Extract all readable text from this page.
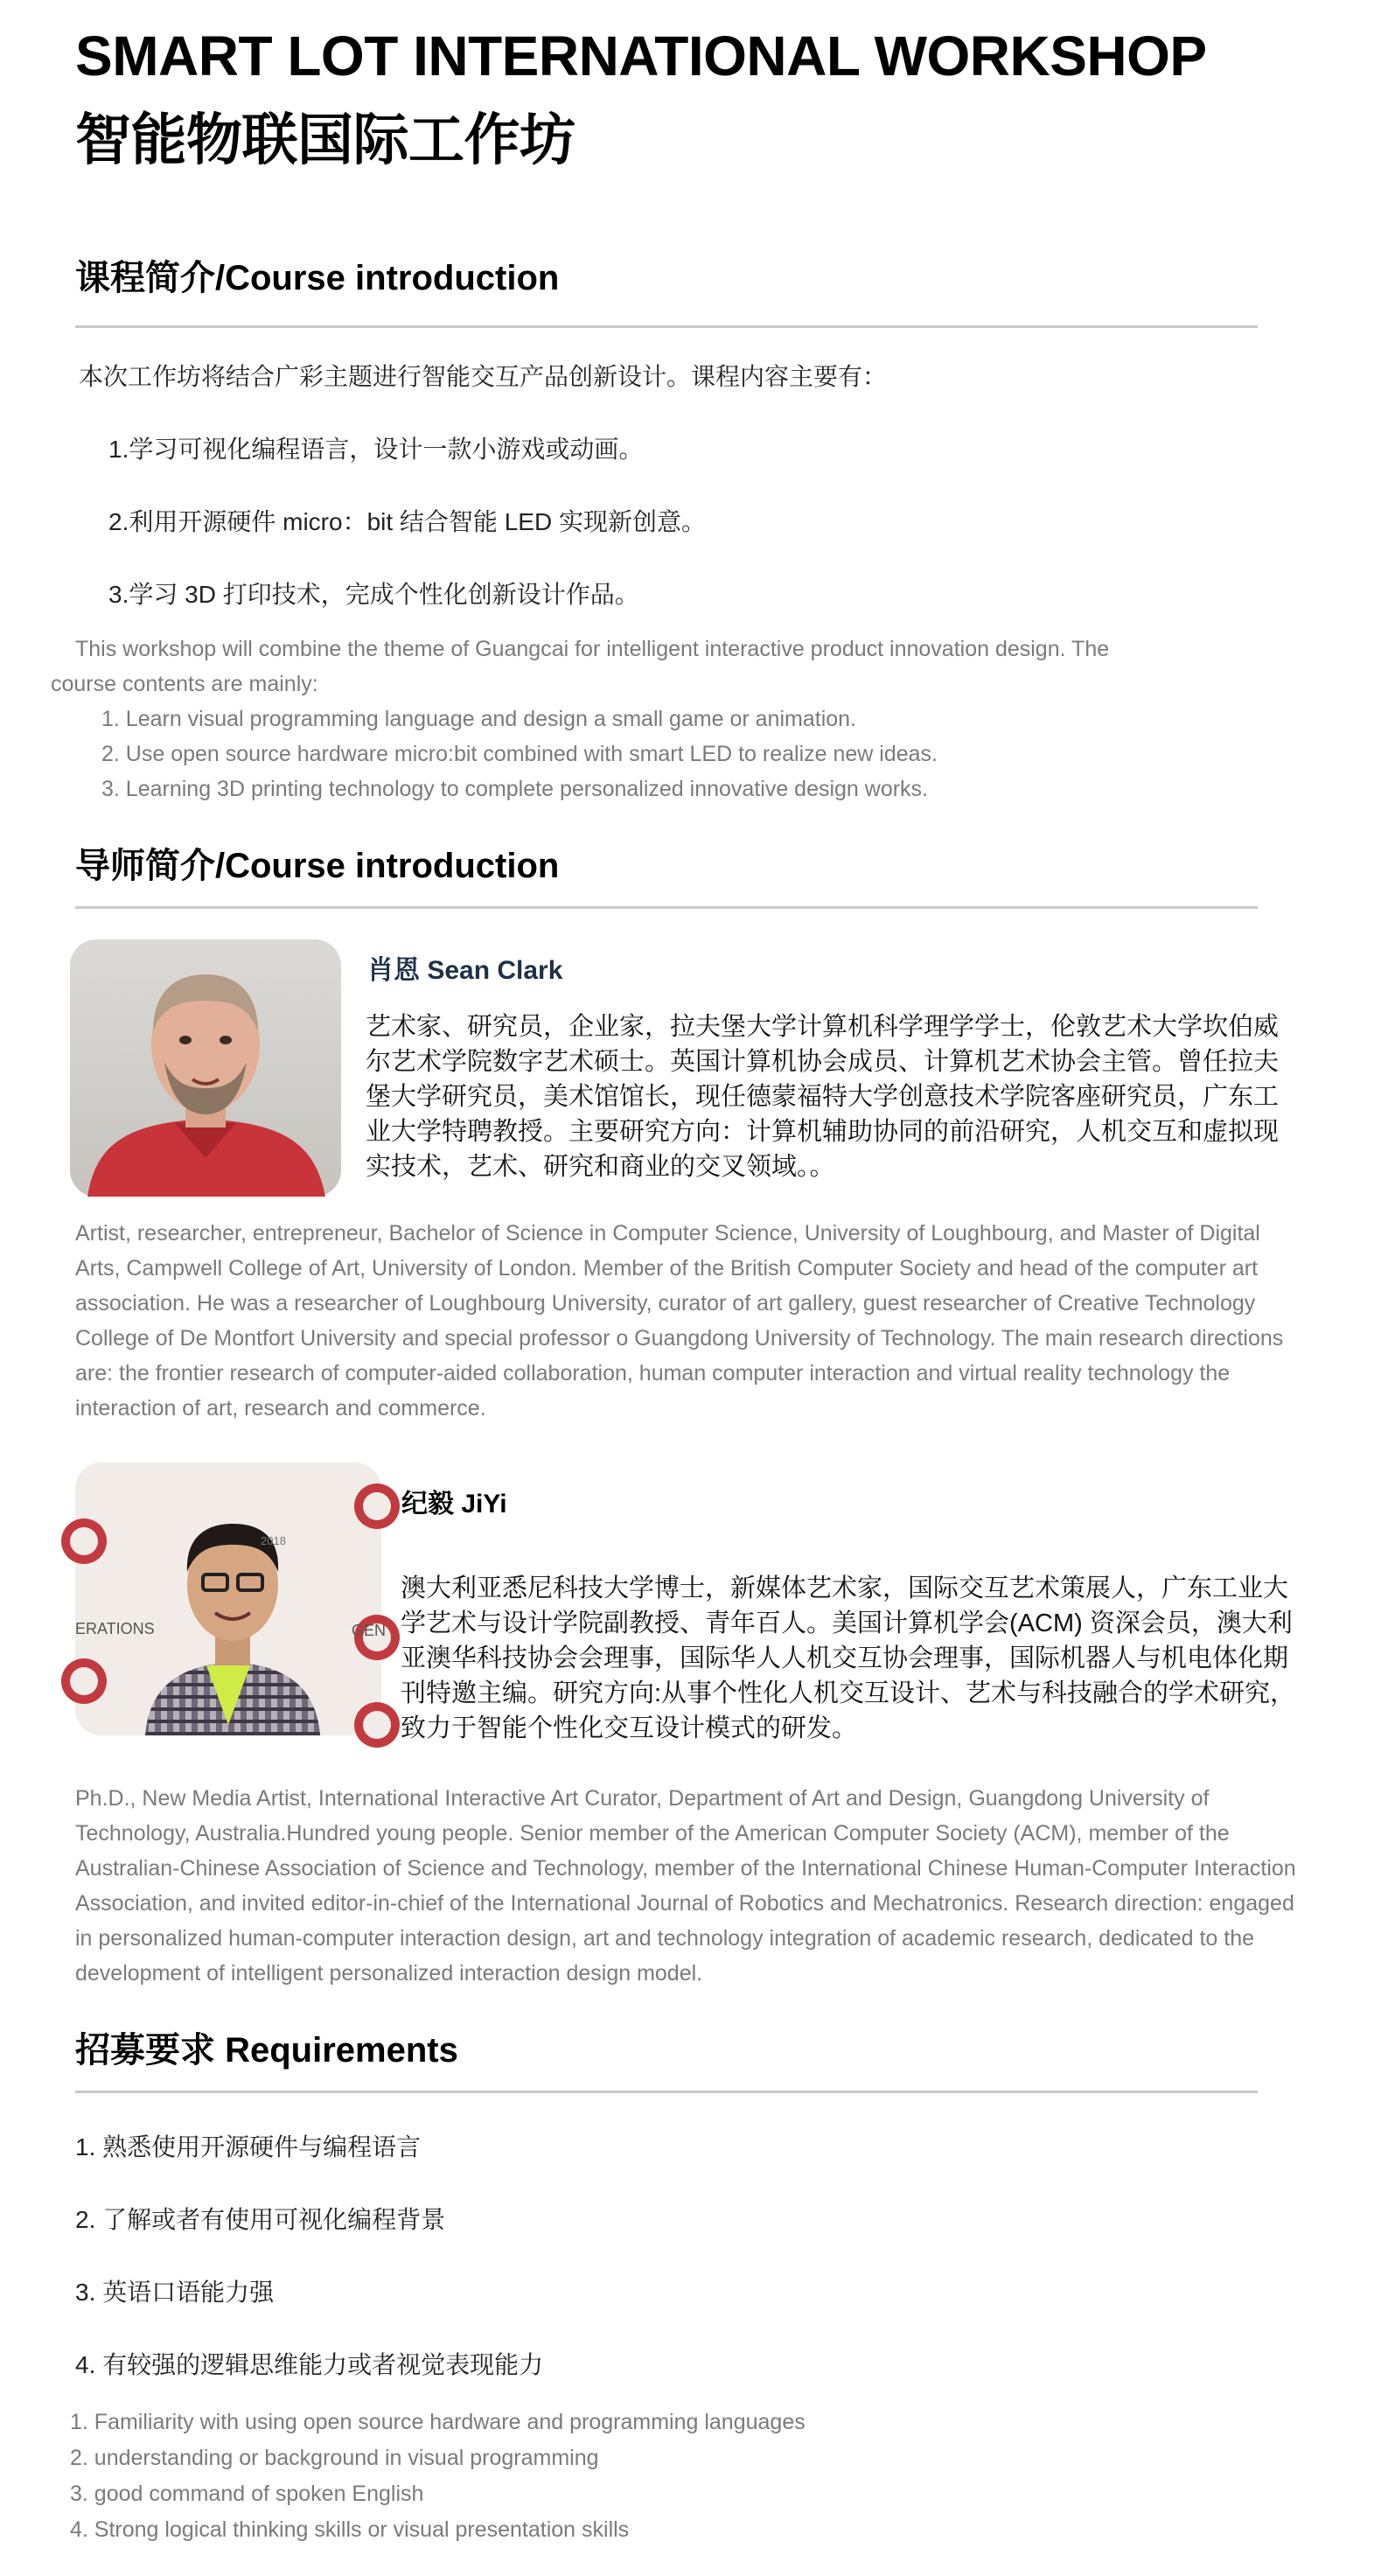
SMART LOT INTERNATIONAL WORKSHOP
智能物联国际工作坊
课程简介/Course introduction
本次工作坊将结合广彩主题进行智能交互产品创新设计。课程内容主要有：
1.学习可视化编程语言，设计一款小游戏或动画。
2.利用开源硬件 micro：bit 结合智能 LED 实现新创意。
3.学习 3D 打印技术，完成个性化创新设计作品。
This workshop will combine the theme of Guangcai for intelligent interactive product innovation design. The
course contents are mainly:
1. Learn visual programming language and design a small game or animation.
2. Use open source hardware micro:bit combined with smart LED to realize new ideas.
3. Learning 3D printing technology to complete personalized innovative design works.
导师简介/Course introduction
肖恩 Sean Clark
艺术家、研究员，企业家，拉夫堡大学计算机科学理学学士，伦敦艺术大学坎伯威尔艺术学院数字艺术硕士。英国计算机协会成员、计算机艺术协会主管。曾任拉夫堡大学研究员，美术馆馆长，现任德蒙福特大学创意技术学院客座研究员，广东工业大学特聘教授。主要研究方向：计算机辅助协同的前沿研究，人机交互和虚拟现实技术，艺术、研究和商业的交叉领域。。
Artist, researcher, entrepreneur, Bachelor of Science in Computer Science, University of Loughbourg, and Master of Digital Arts, Campwell College of Art, University of London. Member of the British Computer Society and head of the computer art association. He was a researcher of Loughbourg University, curator of art gallery, guest researcher of Creative Technology College of De Montfort University and special professor o Guangdong University of Technology. The main research directions are: the frontier research of computer-aided collaboration, human computer interaction and virtual reality technology the interaction of art, research and commerce.
ERATIONS	GEN
2018
纪毅 JiYi
澳大利亚悉尼科技大学博士，新媒体艺术家，国际交互艺术策展人，广东工业大学艺术与设计学院副教授、青年百人。美国计算机学会(ACM) 资深会员，澳大利亚澳华科技协会会理事，国际华人人机交互协会理事，国际机器人与机电体化期刊特邀主编。研究方向:从事个性化人机交互设计、艺术与科技融合的学术研究，致力于智能个性化交互设计模式的研发。
Ph.D., New Media Artist, International Interactive Art Curator, Department of Art and Design, Guangdong University of Technology, Australia.Hundred young people. Senior member of the American Computer Society (ACM), member of the Australian-Chinese Association of Science and Technology, member of the International Chinese Human-Computer Interaction Association, and invited editor-in-chief of the International Journal of Robotics and Mechatronics. Research direction: engaged in personalized human-computer interaction design, art and technology integration of academic research, dedicated to the development of intelligent personalized interaction design model.
招募要求 Requirements
1. 熟悉使用开源硬件与编程语言
2. 了解或者有使用可视化编程背景
3. 英语口语能力强
4. 有较强的逻辑思维能力或者视觉表现能力
1. Familiarity with using open source hardware and programming languages
2. understanding or background in visual programming
3. good command of spoken English
4. Strong logical thinking skills or visual presentation skills
